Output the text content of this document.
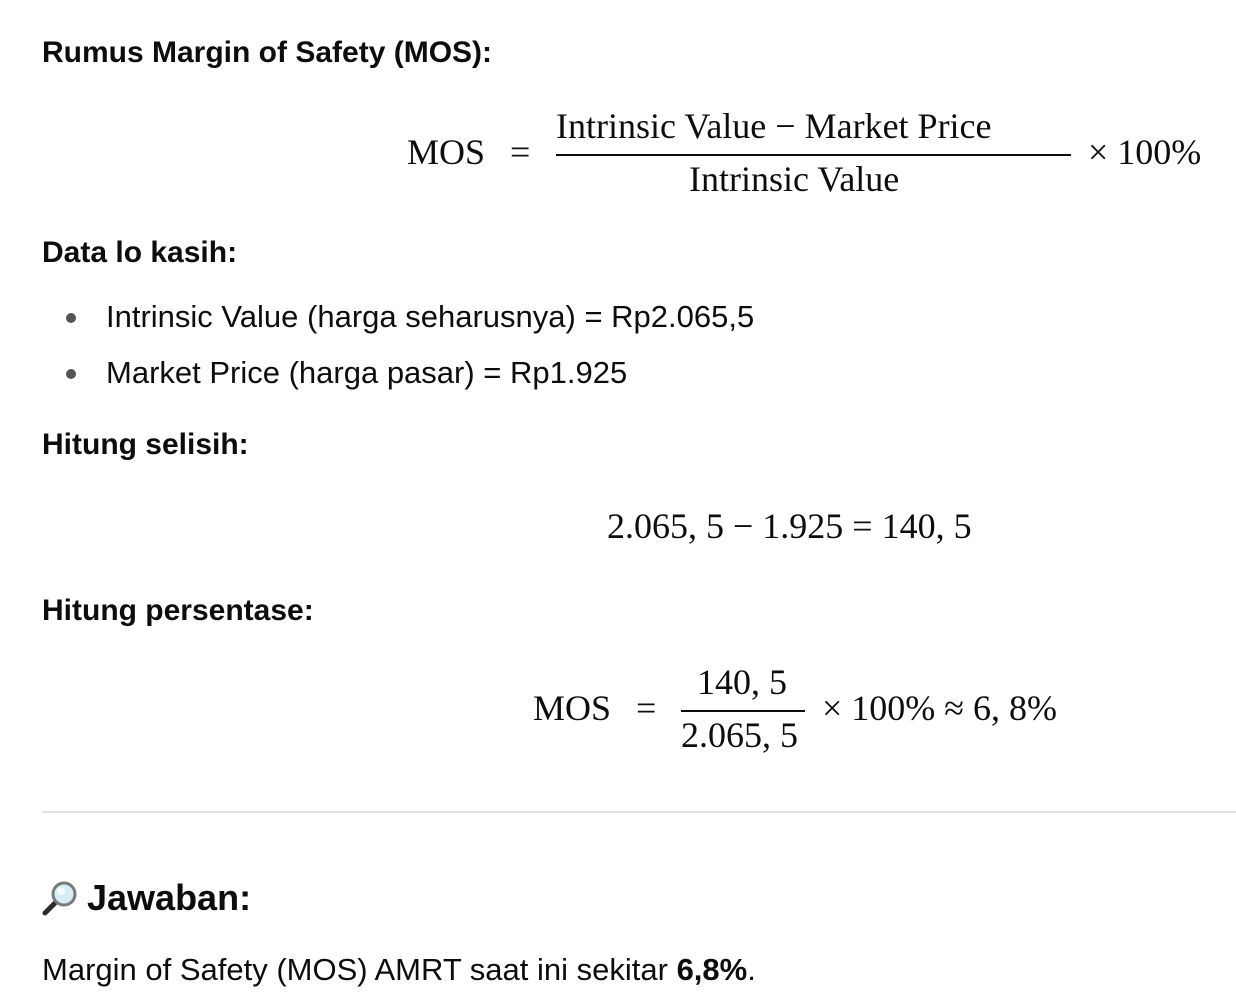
Rumus Margin of Safety (MOS):
MOS =
Intrinsic Value − Market Price
Intrinsic Value
× 100%
Data lo kasih:
Intrinsic Value (harga seharusnya) = Rp2.065,5
Market Price (harga pasar) = Rp1.925
Hitung selisih:
2.065, 5 − 1.925 = 140, 5
Hitung persentase:
MOS =
140, 5
2.065, 5
× 100% ≈ 6, 8%
Jawaban:
Margin of Safety (MOS) AMRT saat ini sekitar 6,8%.
